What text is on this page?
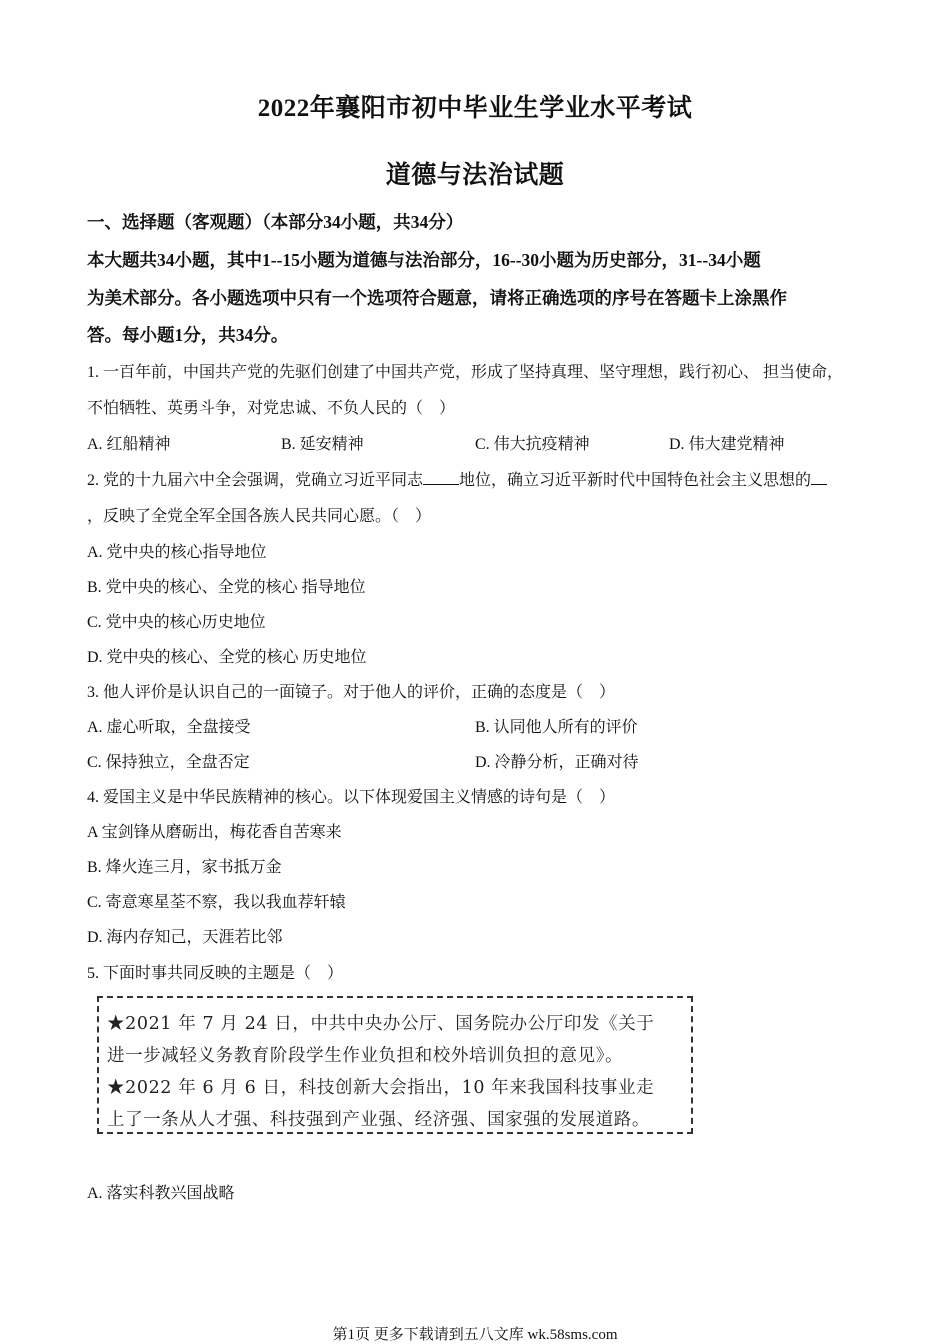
2022年襄阳市初中毕业生学业水平考试
道德与法治试题
一、选择题（客观题）（本部分34小题，共34分）
本大题共34小题，其中1--15小题为道德与法治部分，16--30小题为历史部分，31--34小题
为美术部分。各小题选项中只有一个选项符合题意，请将正确选项的序号在答题卡上涂黑作
答。每小题1分，共34分。
1. 一百年前，中国共产党的先驱们创建了中国共产党，形成了坚持真理、坚守理想，践行初心、 担当使命，
不怕牺牲、英勇斗争，对党忠诚、不负人民的（　）
A. 红船精神	B. 延安精神	C. 伟大抗疫精神	D. 伟大建党精神
2. 党的十九届六中全会强调，党确立习近平同志 地位，确立习近平新时代中国特色社会主义思想的
，反映了全党全军全国各族人民共同心愿。（　）
A. 党中央的核心指导地位
B. 党中央的核心、全党的核心 指导地位
C. 党中央的核心历史地位
D. 党中央的核心、全党的核心 历史地位
3. 他人评价是认识自己的一面镜子。对于他人的评价，正确的态度是（　）
A. 虚心听取，全盘接受	B. 认同他人所有的评价
C. 保持独立，全盘否定	D. 冷静分析，正确对待
4. 爱国主义是中华民族精神的核心。以下体现爱国主义情感的诗句是（　）
A 宝剑锋从磨砺出，梅花香自苦寒来
B. 烽火连三月，家书抵万金
C. 寄意寒星荃不察，我以我血荐轩辕
D. 海内存知己，天涯若比邻
5. 下面时事共同反映的主题是（　）
★2021 年 7 月 24 日，中共中央办公厅、国务院办公厅印发《关于
进一步减轻义务教育阶段学生作业负担和校外培训负担的意见》。
★2022 年 6 月 6 日，科技创新大会指出，10 年来我国科技事业走
上了一条从人才强、科技强到产业强、经济强、国家强的发展道路。
A. 落实科教兴国战略
第1页 更多下载请到五八文库 wk.58sms.com
